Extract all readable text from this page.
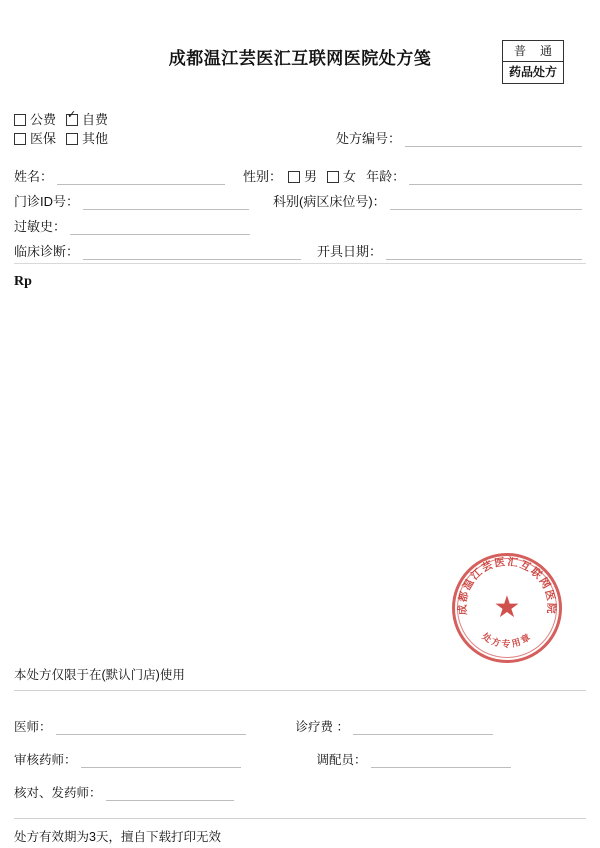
成都温江芸医汇互联网医院处方笺	普 通
药品处方
公费 ✓ 自费
医保 其他	处方编号：
姓名：	性别： 男 女 年龄：
门诊ID号：	科别(病区床位号)：
过敏史：
临床诊断：	开具日期：
Rp
成都温江芸医汇互联网医院
处方专用章
★
本处方仅限于在(默认门店)使用
医师：	诊疗费 ：
审核药师：	调配员：
核对、发药师：
处方有效期为3天，擅自下载打印无效
